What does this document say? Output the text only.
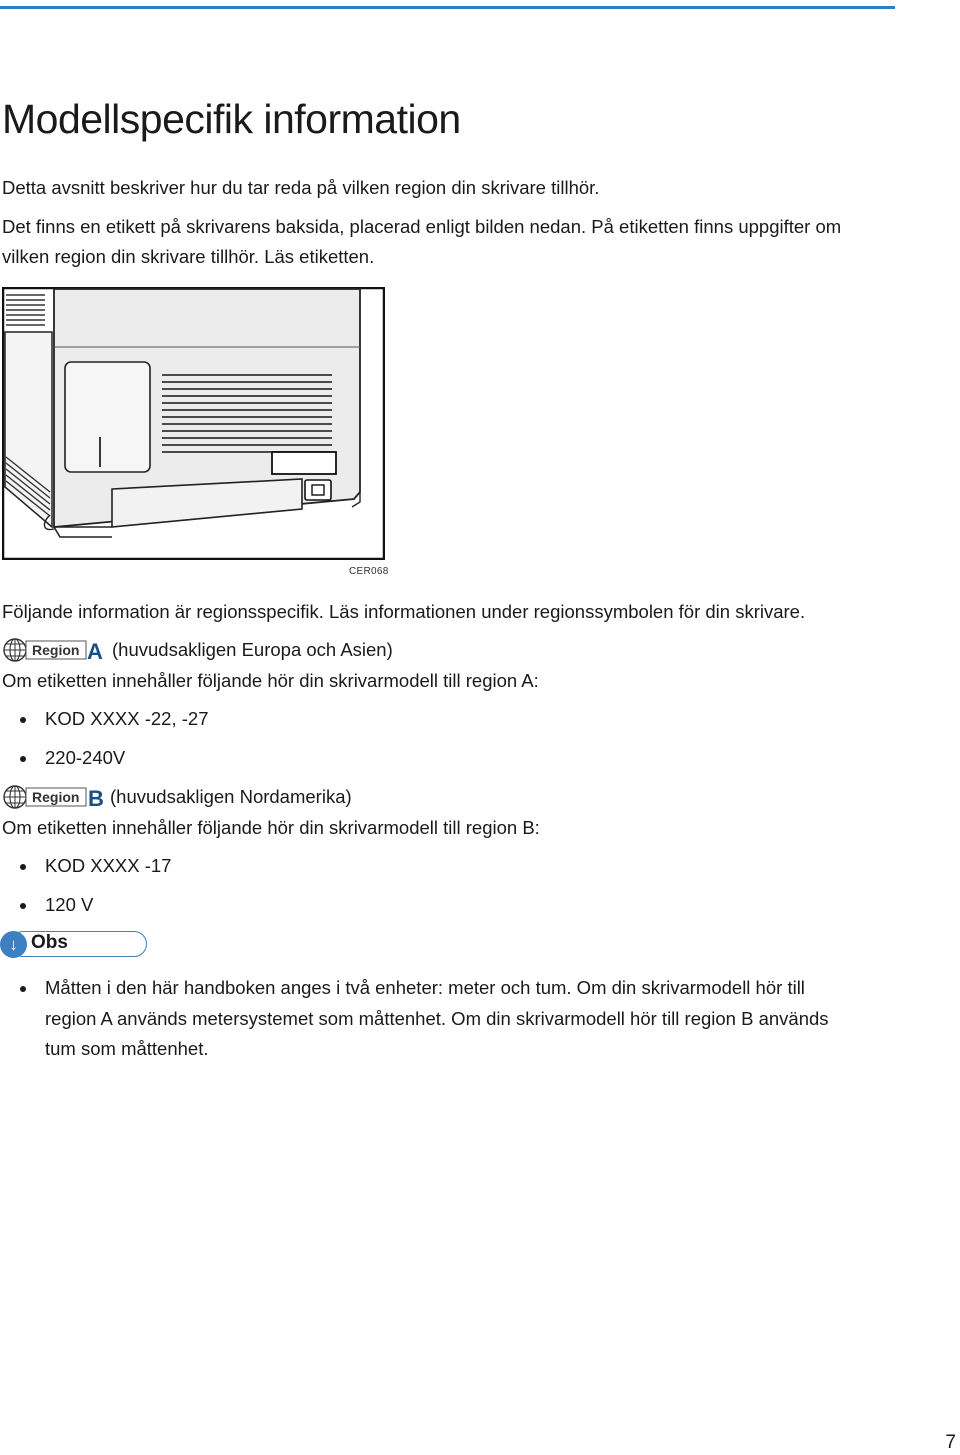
Modellspecifik information

Detta avsnitt beskriver hur du tar reda på vilken region din skrivare tillhör.

Det finns en etikett på skrivarens baksida, placerad enligt bilden nedan. På etiketten finns uppgifter om

vilken region din skrivare tillhör. Läs etiketten.

CER068

Följande information är regionsspecifik. Läs informationen under regionssymbolen för din skrivare.

Region A (huvudsakligen Europa och Asien)

Om etiketten innehåller följande hör din skrivarmodell till region A:

KOD XXXX -22, -27
220-240V
Region B (huvudsakligen Nordamerika)

Om etiketten innehåller följande hör din skrivarmodell till region B:

KOD XXXX -17
120 V
↓ Obs
Måtten i den här handboken anges i två enheter: meter och tum. Om din skrivarmodell hör till
region A används metersystemet som måttenhet. Om din skrivarmodell hör till region B används
tum som måttenhet.
7
